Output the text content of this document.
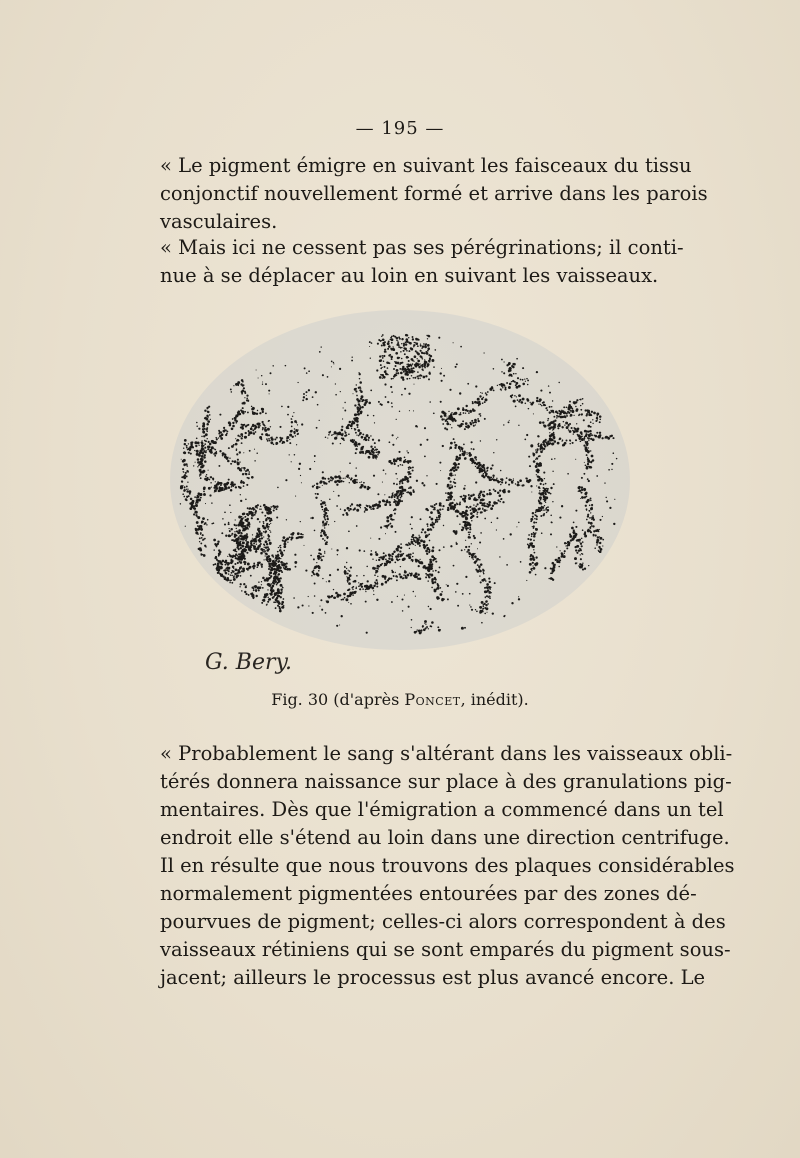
— 195 —
« Le pigment émigre en suivant les faisceaux du tissu
conjonctif nouvellement formé et arrive dans les parois
vasculaires.
« Mais ici ne cessent pas ses pérégrinations; il conti-
nue à se déplacer au loin en suivant les vaisseaux.
G. Bery.
Fig. 30 (d'après Poncet, inédit).
« Probablement le sang s'altérant dans les vaisseaux obli-
térés donnera naissance sur place à des granulations pig-
mentaires. Dès que l'émigration a commencé dans un tel
endroit elle s'étend au loin dans une direction centrifuge.
Il en résulte que nous trouvons des plaques considérables
normalement pigmentées entourées par des zones dé-
pourvues de pigment; celles-ci alors correspondent à des
vaisseaux rétiniens qui se sont emparés du pigment sous-
jacent; ailleurs le processus est plus avancé encore. Le
